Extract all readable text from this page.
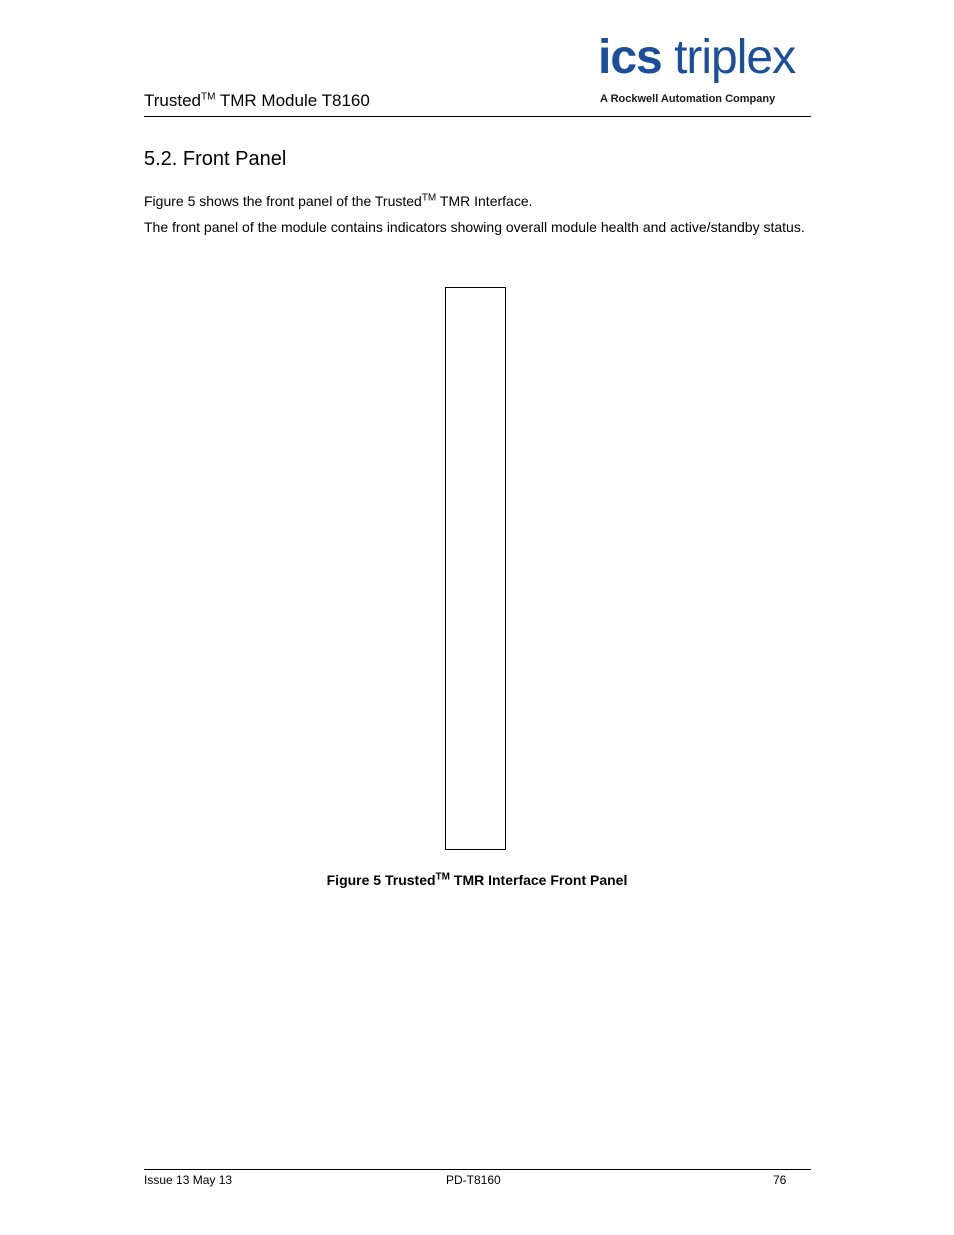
Trusted™ TMR Module T8160
ics triplex
A Rockwell Automation Company
5.2. Front Panel
Figure 5 shows the front panel of the Trusted™ TMR Interface.
The front panel of the module contains indicators showing overall module health and active/standby status.
Figure 5 Trusted™ TMR Interface Front Panel
Issue 13 May 13	PD-T8160	76
